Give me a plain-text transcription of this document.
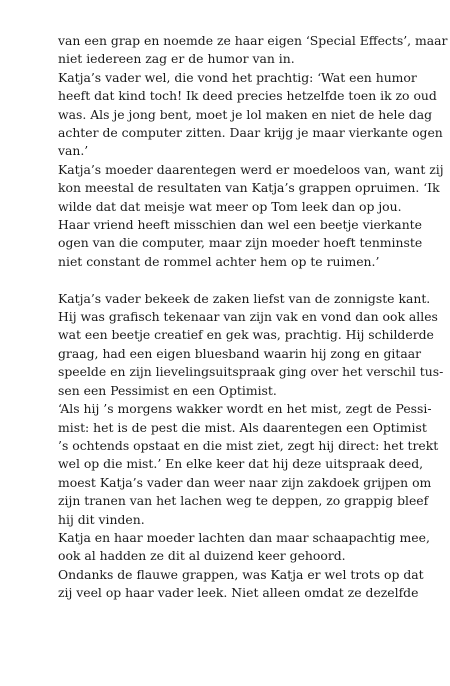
van een grap en noemde ze haar eigen ‘Special Effects’, maar
niet iedereen zag er de humor van in.
Katja’s vader wel, die vond het prachtig: ‘Wat een humor
heeft dat kind toch! Ik deed precies hetzelfde toen ik zo oud
was. Als je jong bent, moet je lol maken en niet de hele dag
achter de computer zitten. Daar krijg je maar vierkante ogen
van.’
Katja’s moeder daarentegen werd er moedeloos van, want zij
kon meestal de resultaten van Katja’s grappen opruimen. ‘Ik
wilde dat dat meisje wat meer op Tom leek dan op jou.
Haar vriend heeft misschien dan wel een beetje vierkante
ogen van die computer, maar zijn moeder hoeft tenminste
niet constant de rommel achter hem op te ruimen.’
Katja’s vader bekeek de zaken liefst van de zonnigste kant.
Hij was grafisch tekenaar van zijn vak en vond dan ook alles
wat een beetje creatief en gek was, prachtig. Hij schilderde
graag, had een eigen bluesband waarin hij zong en gitaar
speelde en zijn lievelingsuitspraak ging over het verschil tus-
sen een Pessimist en een Optimist.
‘Als hij ’s morgens wakker wordt en het mist, zegt de Pessi-
mist: het is de pest die mist. Als daarentegen een Optimist
’s ochtends opstaat en die mist ziet, zegt hij direct: het trekt
wel op die mist.’ En elke keer dat hij deze uitspraak deed,
moest Katja’s vader dan weer naar zijn zakdoek grijpen om
zijn tranen van het lachen weg te deppen, zo grappig bleef
hij dit vinden.
Katja en haar moeder lachten dan maar schaapachtig mee,
ook al hadden ze dit al duizend keer gehoord.
Ondanks de flauwe grappen, was Katja er wel trots op dat
zij veel op haar vader leek. Niet alleen omdat ze dezelfde
